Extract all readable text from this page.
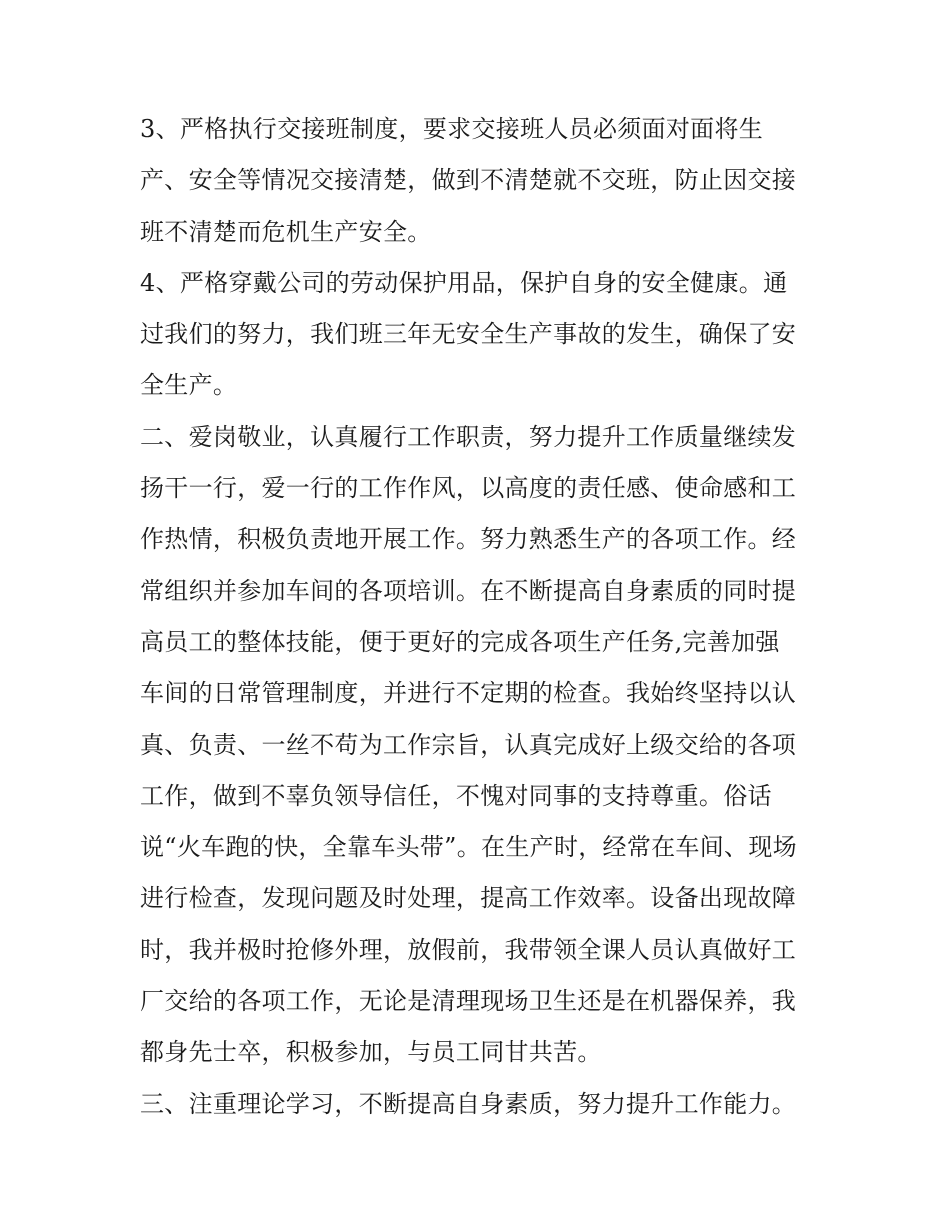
3、严格执行交接班制度，要求交接班人员必须面对面将生
产、安全等情况交接清楚，做到不清楚就不交班，防止因交接
班不清楚而危机生产安全。
4、严格穿戴公司的劳动保护用品，保护自身的安全健康。通
过我们的努力，我们班三年无安全生产事故的发生，确保了安
全生产。
二、爱岗敬业，认真履行工作职责，努力提升工作质量继续发
扬干一行，爱一行的工作作风，以高度的责任感、使命感和工
作热情，积极负责地开展工作。努力熟悉生产的各项工作。经
常组织并参加车间的各项培训。在不断提高自身素质的同时提
高员工的整体技能，便于更好的完成各项生产任务,完善加强
车间的日常管理制度，并进行不定期的检查。我始终坚持以认
真、负责、一丝不苟为工作宗旨，认真完成好上级交给的各项
工作，做到不辜负领导信任，不愧对同事的支持尊重。俗话
说“火车跑的快，全靠车头带”。在生产时，经常在车间、现场
进行检查，发现问题及时处理，提高工作效率。设备出现故障
时，我并极时抢修外理，放假前，我带领全课人员认真做好工
厂交给的各项工作，无论是清理现场卫生还是在机器保养，我
都身先士卒，积极参加，与员工同甘共苦。
三、注重理论学习，不断提高自身素质，努力提升工作能力。
